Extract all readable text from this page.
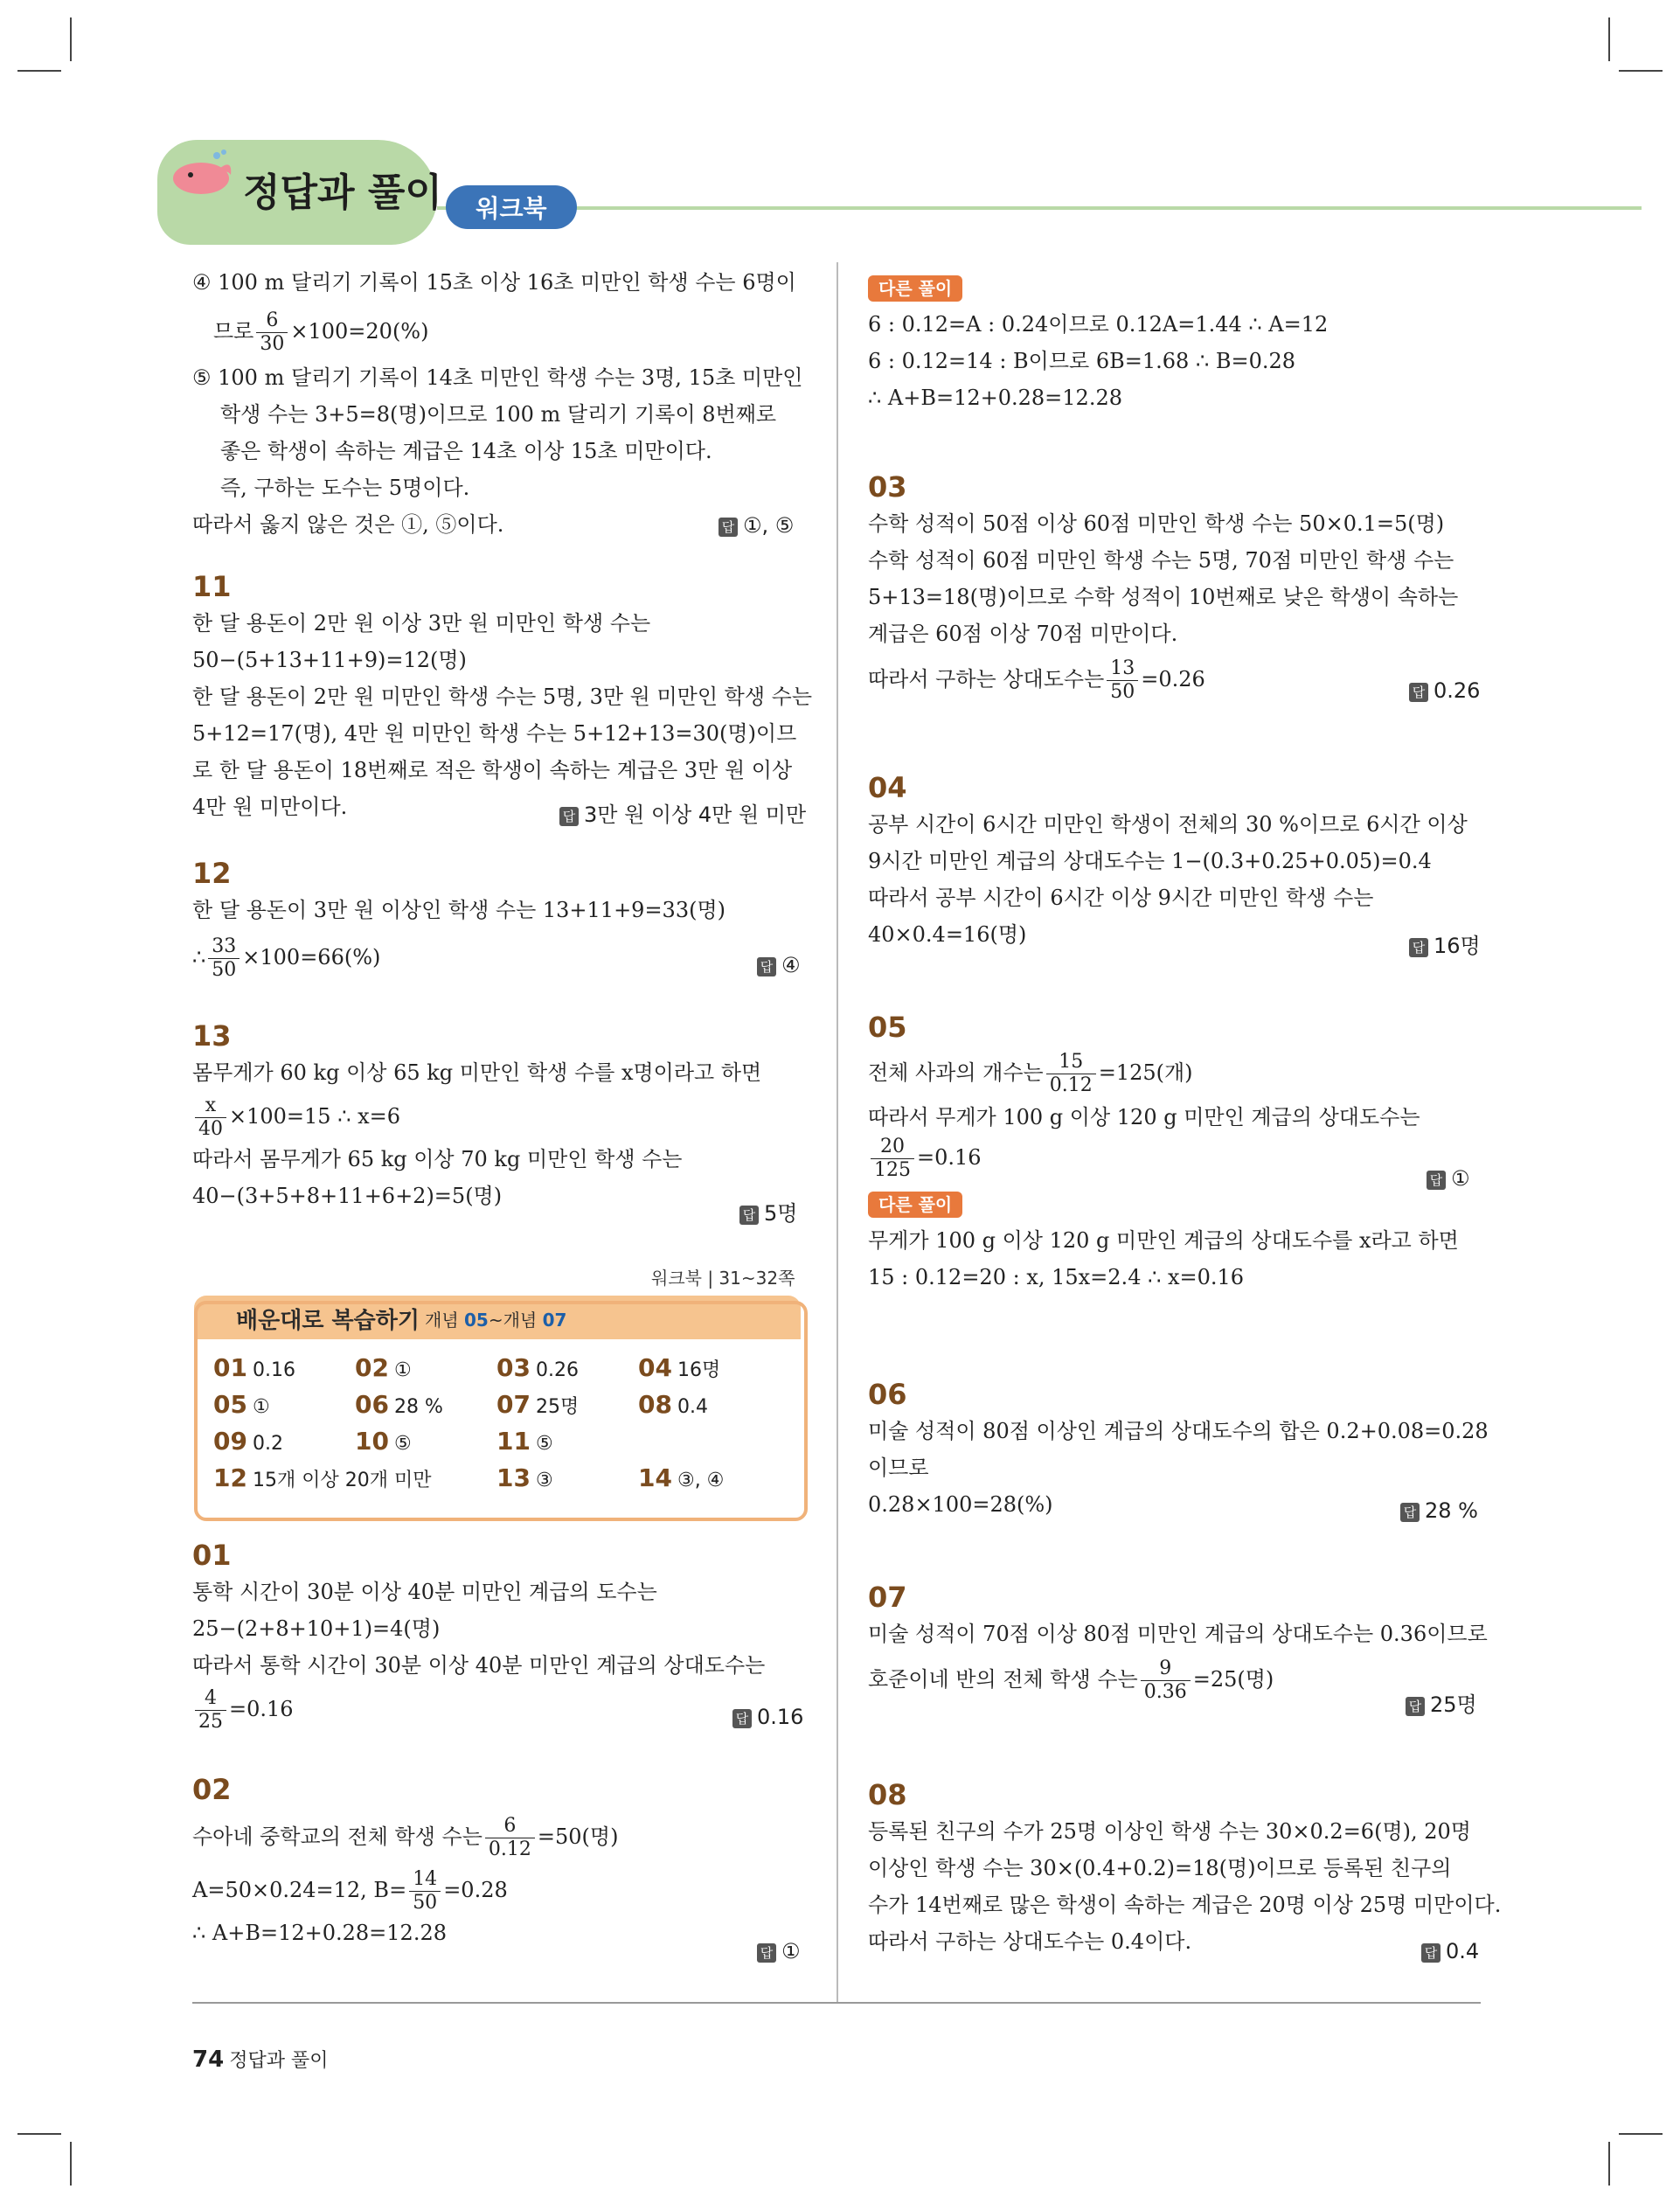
정답과 풀이	워크북
④ 100 m 달리기 기록이 15초 이상 16초 미만인 학생 수는 6명이
므로 $\frac{6}{30} \times 100=20(\%)$
⑤ 100 m 달리기 기록이 14초 미만인 학생 수는 3명, 15초 미만인
학생 수는 3+5=8(명)이므로 100 m 달리기 기록이 8번째로
좋은 학생이 속하는 계급은 14초 이상 15초 미만이다.
즉, 구하는 도수는 5명이다.
따라서 옳지 않은 것은 ①, ⑤이다.	답 ①, ⑤
11
한 달 용돈이 2만 원 이상 3만 원 미만인 학생 수는
50−(5+13+11+9)=12(명)
한 달 용돈이 2만 원 미만인 학생 수는 5명, 3만 원 미만인 학생 수는
5+12=17(명), 4만 원 미만인 학생 수는 5+12+13=30(명)이므
로 한 달 용돈이 18번째로 적은 학생이 속하는 계급은 3만 원 이상
4만 원 미만이다.	답 3만 원 이상 4만 원 미만
12
한 달 용돈이 3만 원 이상인 학생 수는 13+11+9=33(명)
∴ $\frac{33}{50} \times 100=66(\%)$	답 ④
13
몸무게가 60 kg 이상 65 kg 미만인 학생 수를 x명이라고 하면
$\frac{x}{40} \times 100=15$ ∴ x=6
따라서 몸무게가 65 kg 이상 70 kg 미만인 학생 수는
40−(3+5+8+11+6+2)=5(명)
답 5명
워크북 | 31~32쪽
배운대로 복습하기 개념 05~개념 07
01 0.16 02 ①	03 0.26 04 16명
05 ①	06 28 % 07 25명 08 0.4
09 0.2	10 ⑤	11 ⑤
12 15개 이상 20개 미만	13 ③	14 ③, ④
01
통학 시간이 30분 이상 40분 미만인 계급의 도수는
25−(2+8+10+1)=4(명)
따라서 통학 시간이 30분 이상 40분 미만인 계급의 상대도수는
$\frac{4}{25} =0.16$	답 0.16
02
수아네 중학교의 전체 학생 수는 $\frac{6}{0.12} =50$(명)
A=50×0.24=12, $B= \frac{14}{50} =0.28$
∴ A+B=12+0.28=12.28
답 ①
다른 풀이
6 : 0.12=A : 0.24이므로 0.12A=1.44 ∴ A=12
6 : 0.12=14 : B이므로 6B=1.68 ∴ B=0.28
∴ A+B=12+0.28=12.28
03
수학 성적이 50점 이상 60점 미만인 학생 수는 50×0.1=5(명)
수학 성적이 60점 미만인 학생 수는 5명, 70점 미만인 학생 수는
5+13=18(명)이므로 수학 성적이 10번째로 낮은 학생이 속하는
계급은 60점 이상 70점 미만이다.
따라서 구하는 상대도수는 $\frac{13}{50} =0.26$
답 0.26
04
공부 시간이 6시간 미만인 학생이 전체의 30 %이므로 6시간 이상
9시간 미만인 계급의 상대도수는 1−(0.3+0.25+0.05)=0.4
따라서 공부 시간이 6시간 이상 9시간 미만인 학생 수는
40×0.4=16(명)
답 16명
05
전체 사과의 개수는 $\frac{15}{0.12} =125$(개)
따라서 무게가 100 g 이상 120 g 미만인 계급의 상대도수는
$\frac{20}{125} =0.16$
다른 풀이
무게가 100 g 이상 120 g 미만인 계급의 상대도수를 x라고 하면
15 : 0.12=20 : x, 15x=2.4 ∴ x=0.16
답 ①
06
미술 성적이 80점 이상인 계급의 상대도수의 합은 0.2+0.08=0.28
이므로
0.28×100=28(%)	답 28 %
07
미술 성적이 70점 이상 80점 미만인 계급의 상대도수는 0.36이므로
호준이네 반의 전체 학생 수는 $\frac{9}{0.36} =25$(명)
답 25명
08
등록된 친구의 수가 25명 이상인 학생 수는 30×0.2=6(명), 20명
이상인 학생 수는 30×(0.4+0.2)=18(명)이므로 등록된 친구의
수가 14번째로 많은 학생이 속하는 계급은 20명 이상 25명 미만이다.
따라서 구하는 상대도수는 0.4이다.	답 0.4
74 정답과 풀이
